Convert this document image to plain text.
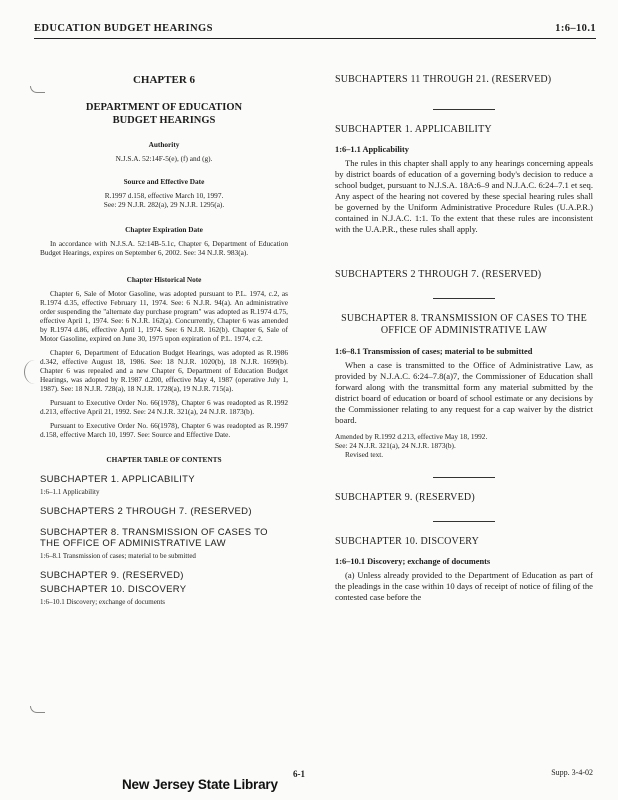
EDUCATION BUDGET HEARINGS	1:6–10.1
CHAPTER 6
DEPARTMENT OF EDUCATION
BUDGET HEARINGS
Authority

N.J.S.A. 52:14F-5(e), (f) and (g).

Source and Effective Date

R.1997 d.158, effective March 10, 1997.

See: 29 N.J.R. 282(a), 29 N.J.R. 1295(a).

Chapter Expiration Date

In accordance with N.J.S.A. 52:14B-5.1c, Chapter 6, Department of Education Budget Hearings, expires on September 6, 2002. See: 34 N.J.R. 983(a).

Chapter Historical Note

Chapter 6, Sale of Motor Gasoline, was adopted pursuant to P.L. 1974, c.2, as R.1974 d.35, effective February 11, 1974. See: 6 N.J.R. 94(a). An administrative order suspending the "alternate day purchase program" was adopted as R.1974 d.75, effective April 1, 1974. See: 6 N.J.R. 162(a). Concurrently, Chapter 6 was amended by R.1974 d.86, effective April 1, 1974. See: 6 N.J.R. 162(b). Chapter 6, Sale of Motor Gasoline, expired on June 30, 1975 upon expiration of P.L. 1974, c.2.

Chapter 6, Department of Education Budget Hearings, was adopted as R.1986 d.342, effective August 18, 1986. See: 18 N.J.R. 1020(b), 18 N.J.R. 1699(b). Chapter 6 was repealed and a new Chapter 6, Department of Education Budget Hearings, was adopted by R.1987 d.200, effective May 4, 1987 (operative July 1, 1987). See: 18 N.J.R. 728(a), 18 N.J.R. 1728(a), 19 N.J.R. 715(a).

Pursuant to Executive Order No. 66(1978), Chapter 6 was readopted as R.1992 d.213, effective April 21, 1992. See: 24 N.J.R. 321(a), 24 N.J.R. 1873(b).

Pursuant to Executive Order No. 66(1978), Chapter 6 was readopted as R.1997 d.158, effective March 10, 1997. See: Source and Effective Date.

CHAPTER TABLE OF CONTENTS
SUBCHAPTER 1. APPLICABILITY
1:6–1.1 Applicability
SUBCHAPTERS 2 THROUGH 7. (RESERVED)
SUBCHAPTER 8. TRANSMISSION OF CASES TO THE OFFICE OF ADMINISTRATIVE LAW
1:6–8.1 Transmission of cases; material to be submitted
SUBCHAPTER 9. (RESERVED)
SUBCHAPTER 10. DISCOVERY
1:6–10.1 Discovery; exchange of documents
SUBCHAPTERS 11 THROUGH 21. (RESERVED)
SUBCHAPTER 1. APPLICABILITY
1:6–1.1 Applicability

The rules in this chapter shall apply to any hearings concerning appeals by district boards of education of a governing body's decision to reduce a school budget, pursuant to N.J.S.A. 18A:6–9 and N.J.A.C. 6:24–7.1 et seq. Any aspect of the hearing not covered by these special hearing rules shall be governed by the Uniform Administrative Procedure Rules (U.A.P.R.) contained in N.J.A.C. 1:1. To the extent that these rules are inconsistent with the U.A.P.R., these rules shall apply.

SUBCHAPTERS 2 THROUGH 7. (RESERVED)
SUBCHAPTER 8. TRANSMISSION OF CASES TO THE OFFICE OF ADMINISTRATIVE LAW
1:6–8.1 Transmission of cases; material to be submitted

When a case is transmitted to the Office of Administrative Law, as provided by N.J.A.C. 6:24–7.8(a)7, the Commissioner of Education shall forward along with the transmittal form any material submitted by the district board of education or board of school estimate or any decisions by the Commissioner relating to any request for a cap waiver by the district board.

Amended by R.1992 d.213, effective May 18, 1992.

See: 24 N.J.R. 321(a), 24 N.J.R. 1873(b).

Revised text.

SUBCHAPTER 9. (RESERVED)
SUBCHAPTER 10. DISCOVERY
1:6–10.1 Discovery; exchange of documents

(a) Unless already provided to the Department of Education as part of the pleadings in the case within 10 days of receipt of notice of filing of the contested case before the

6-1	Supp. 3-4-02
New Jersey State Library
